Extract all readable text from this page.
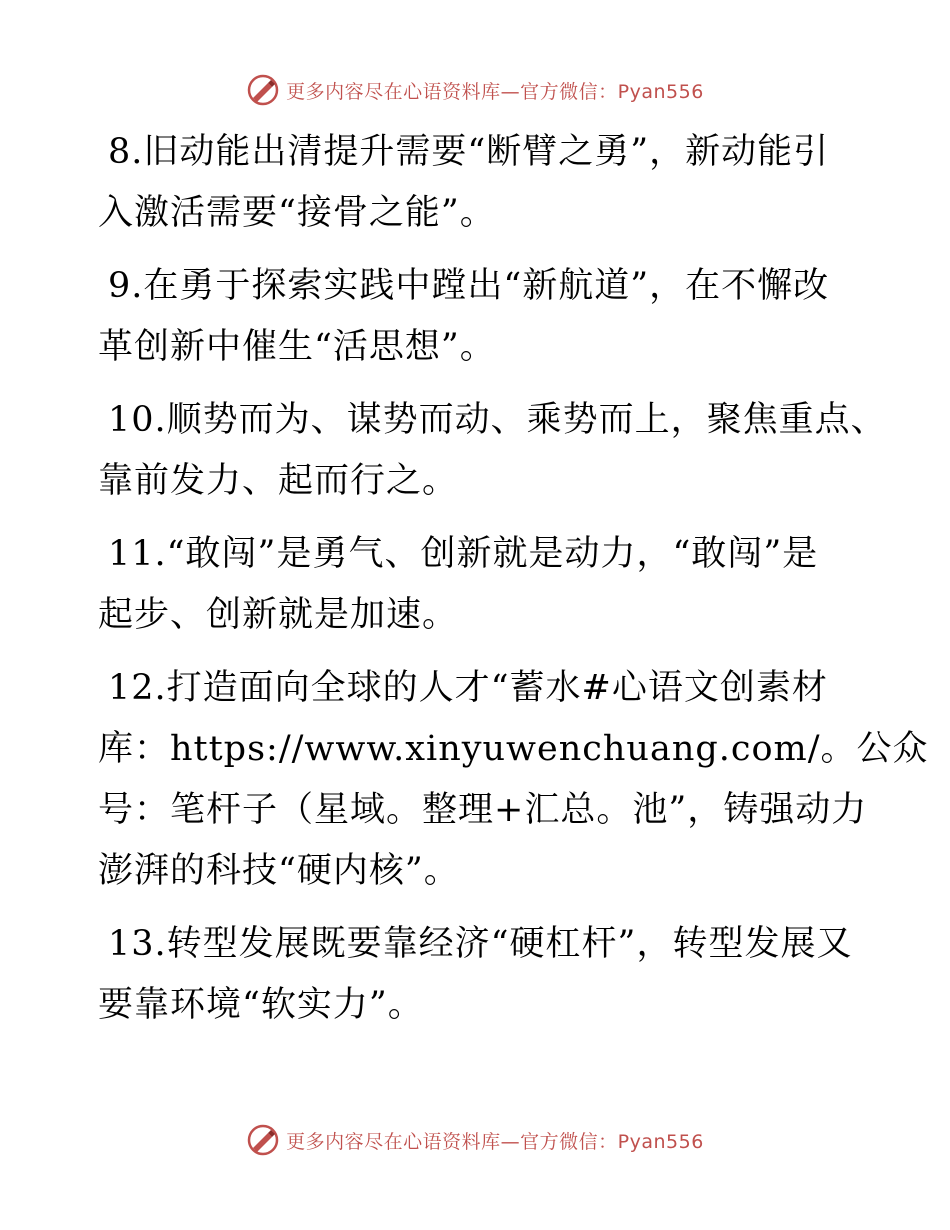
更多内容尽在心语资料库—官方微信：Pyan556
8.旧动能出清提升需要“断臂之勇”，新动能引
入激活需要“接骨之能”。
9.在勇于探索实践中蹚出“新航道”，在不懈改
革创新中催生“活思想”。
10.顺势而为、谋势而动、乘势而上，聚焦重点、
靠前发力、起而行之。
11.“敢闯”是勇气、创新就是动力，“敢闯”是
起步、创新就是加速。
12.打造面向全球的人才“蓄水#心语文创素材
库：https://www.xinyuwenchuang.com/。公众
号：笔杆子（星域。整理+汇总。池”，铸强动力
澎湃的科技“硬内核”。
13.转型发展既要靠经济“硬杠杆”，转型发展又
要靠环境“软实力”。
更多内容尽在心语资料库—官方微信：Pyan556
